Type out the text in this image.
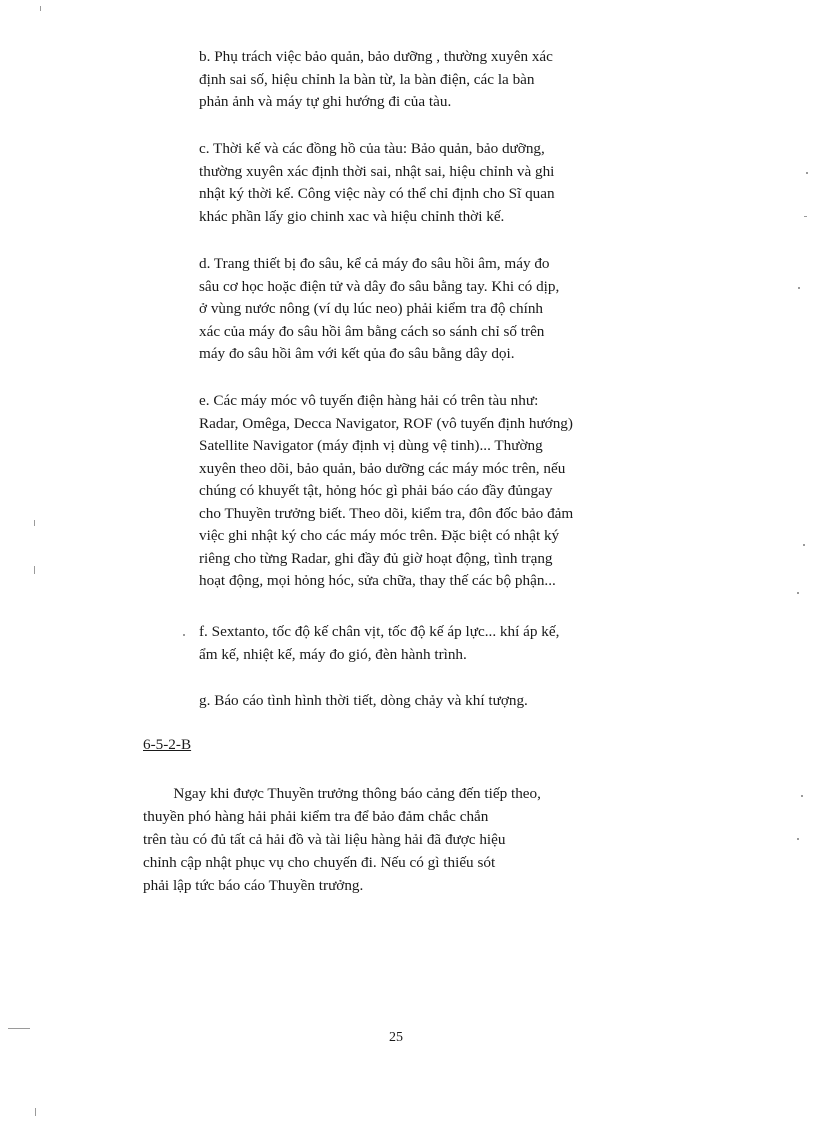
b. Phụ trách việc bảo quản, bảo dưỡng , thường xuyên xác
định sai số, hiệu chỉnh la bàn từ, la bàn điện, các la bàn
phản ảnh và máy tự ghi hướng đi của tàu.
c. Thời kế và các đồng hồ của tàu: Bảo quản, bảo dưỡng,
thường xuyên xác định thời sai, nhật sai, hiệu chỉnh và ghi
nhật ký thời kế. Công việc này có thể chỉ định cho Sĩ quan
khác phần lấy gio chinh xac và hiệu chỉnh thời kế.
d. Trang thiết bị đo sâu, kể cả máy đo sâu hồi âm, máy đo
sâu cơ học hoặc điện tử và dây đo sâu bằng tay. Khi có dịp,
ở vùng nước nông (ví dụ lúc neo) phải kiểm tra độ chính
xác của máy đo sâu hồi âm bằng cách so sánh chỉ số trên
máy đo sâu hồi âm với kết qủa đo sâu bằng dây dọi.
e. Các máy móc vô tuyến điện hàng hải có trên tàu như:
Radar, Omêga, Decca Navigator, ROF (vô tuyến định hướng)
Satellite Navigator (máy định vị dùng vệ tinh)... Thường
xuyên theo dõi, bảo quản, bảo dưỡng các máy móc trên, nếu
chúng có khuyết tật, hỏng hóc gì phải báo cáo đầy đủngay
cho Thuyền trưởng biết. Theo dõi, kiểm tra, đôn đốc bảo đảm
việc ghi nhật ký cho các máy móc trên. Đặc biệt có nhật ký
riêng cho từng Radar, ghi đầy đủ giờ hoạt động, tình trạng
hoạt động, mọi hỏng hóc, sửa chữa, thay thế các bộ phận...
f. Sextanto, tốc độ kế chân vịt, tốc độ kế áp lực... khí áp kế,
ẩm kế, nhiệt kế, máy đo gió, đèn hành trình.
g. Báo cáo tình hình thời tiết, dòng chảy và khí tượng.

6-5-2-B

Ngay khi được Thuyền trưởng thông báo cảng đến tiếp theo,
thuyền phó hàng hải phải kiểm tra để bảo đảm chắc chắn
trên tàu có đủ tất cả hải đồ và tài liệu hàng hải đã được hiệu
chỉnh cập nhật phục vụ cho chuyến đi. Nếu có gì thiếu sót
phải lập tức báo cáo Thuyền trưởng.

25
